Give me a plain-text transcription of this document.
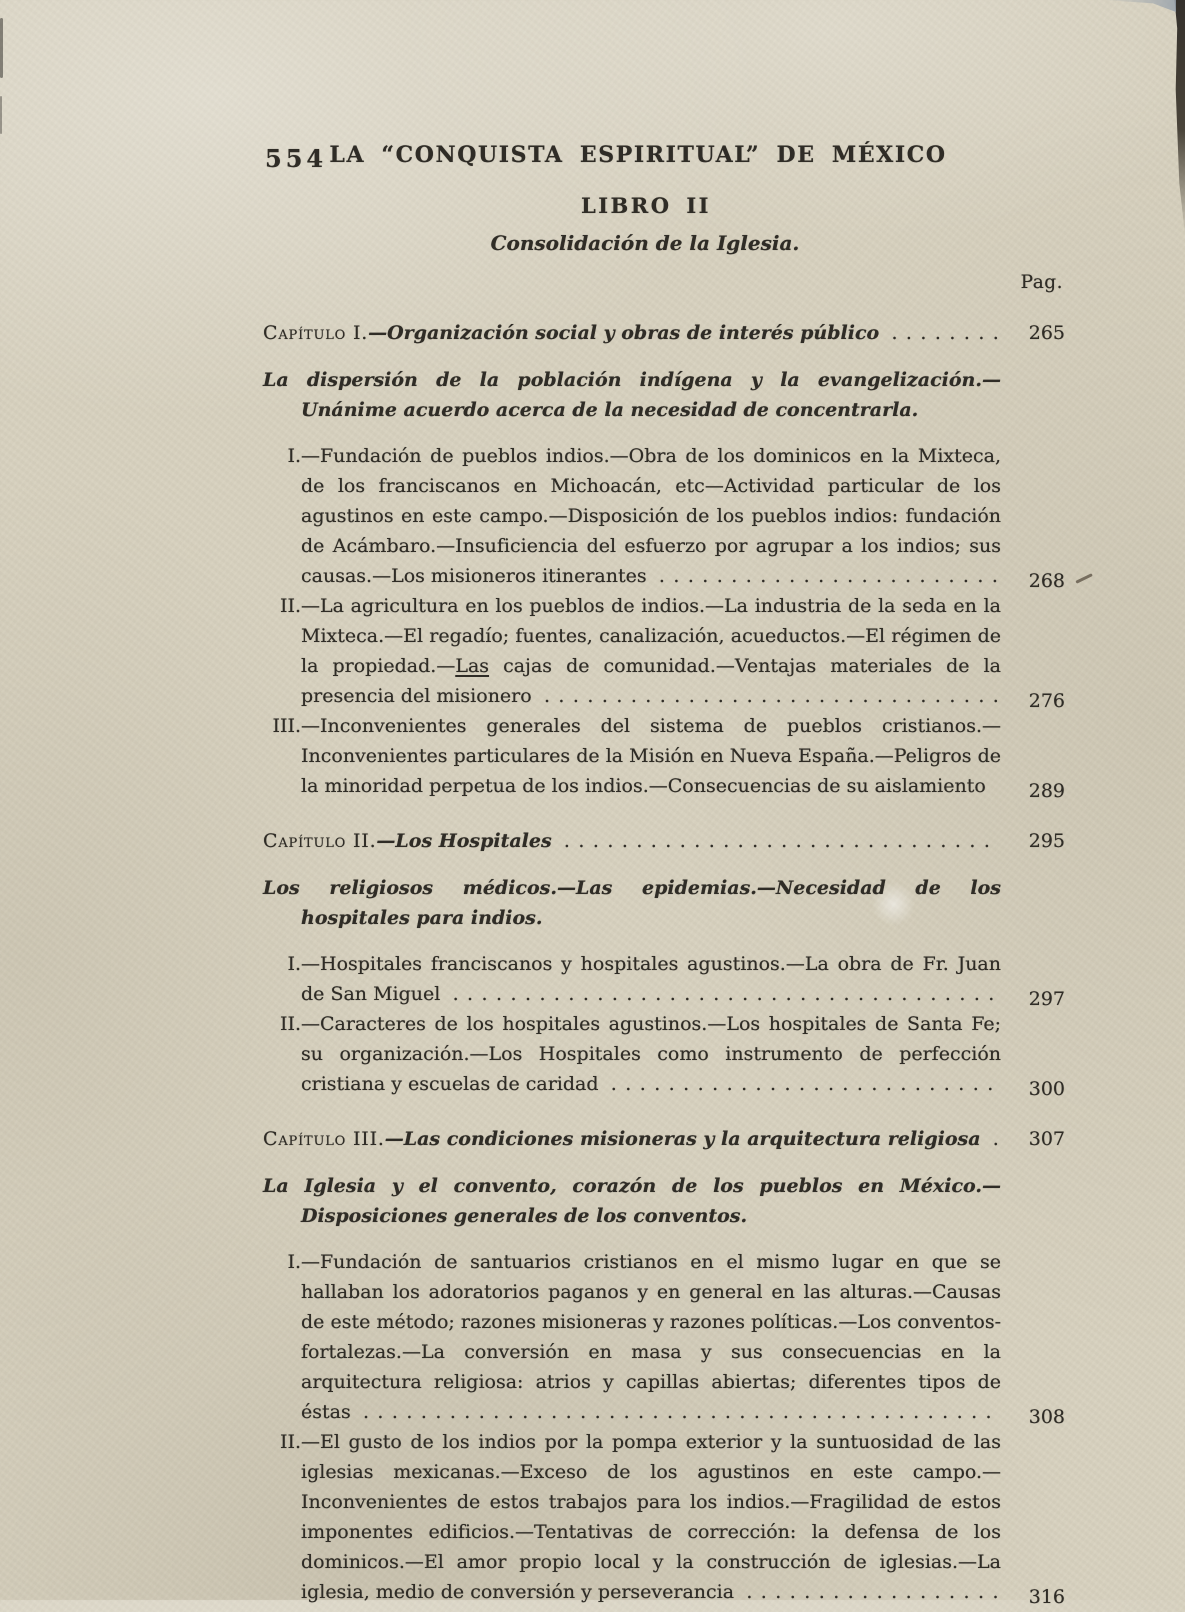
554 LA “CONQUISTA ESPIRITUAL” DE MÉXICO
LIBRO II
Consolidación de la Iglesia.
Pag.

Capítulo I.—Organización social y obras de interés público . . . . . . . .	265

La dispersión de la población indígena y la evangelización.—Unánime acuerdo acerca de la necesidad de concentrarla.

I.—Fundación de pueblos indios.—Obra de los dominicos en la Mixteca, de los franciscanos en Michoacán, etc—Actividad particular de los agustinos en este campo.—Disposición de los pueblos indios: fundación de Acámbaro.—Insuficiencia del esfuerzo por agrupar a los indios; sus causas.—Los misioneros itinerantes . . . . . . . . . . . . . . . . . . . . . . . .	268

II.—La agricultura en los pueblos de indios.—La industria de la seda en la Mixteca.—El regadío; fuentes, canalización, acueductos.—El régimen de la propiedad.—Las cajas de comunidad.—Ventajas materiales de la presencia del misionero . . . . . . . . . . . . . . . . . . . . . . . . . . . . . . . .	276

III.—Inconvenientes generales del sistema de pueblos cristianos.—Inconvenientes particulares de la Misión en Nueva España.—Peligros de la minoridad perpetua de los indios.—Consecuencias de su aislamiento	289

Capítulo II.—Los Hospitales . . . . . . . . . . . . . . . . . . . . . . . . . . . . . .	295

Los religiosos médicos.—Las epidemias.—Necesidad de los hospitales para indios.

I.—Hospitales franciscanos y hospitales agustinos.—La obra de Fr. Juan de San Miguel . . . . . . . . . . . . . . . . . . . . . . . . . . . . . . . . . . . . . .	297

II.—Caracteres de los hospitales agustinos.—Los hospitales de Santa Fe; su organización.—Los Hospitales como instrumento de perfección cristiana y escuelas de caridad . . . . . . . . . . . . . . . . . . . . . . . . . . .	300

Capítulo III.—Las condiciones misioneras y la arquitectura religiosa .	307

La Iglesia y el convento, corazón de los pueblos en México.—Disposiciones generales de los conventos.

I.—Fundación de santuarios cristianos en el mismo lugar en que se hallaban los adoratorios paganos y en general en las alturas.—Causas de este método; razones misioneras y razones políticas.—Los conventos-fortalezas.—La conversión en masa y sus consecuencias en la arquitectura religiosa: atrios y capillas abiertas; diferentes tipos de éstas . . . . . . . . . . . . . . . . . . . . . . . . . . . . . . . . . . . . . . . . . . . .	308

II.—El gusto de los indios por la pompa exterior y la suntuosidad de las iglesias mexicanas.—Exceso de los agustinos en este campo.—Inconvenientes de estos trabajos para los indios.—Fragilidad de estos imponentes edificios.—Tentativas de corrección: la defensa de los dominicos.—El amor propio local y la construcción de iglesias.—La iglesia, medio de conversión y perseverancia . . . . . . . . . . . . . . . . . .	316
